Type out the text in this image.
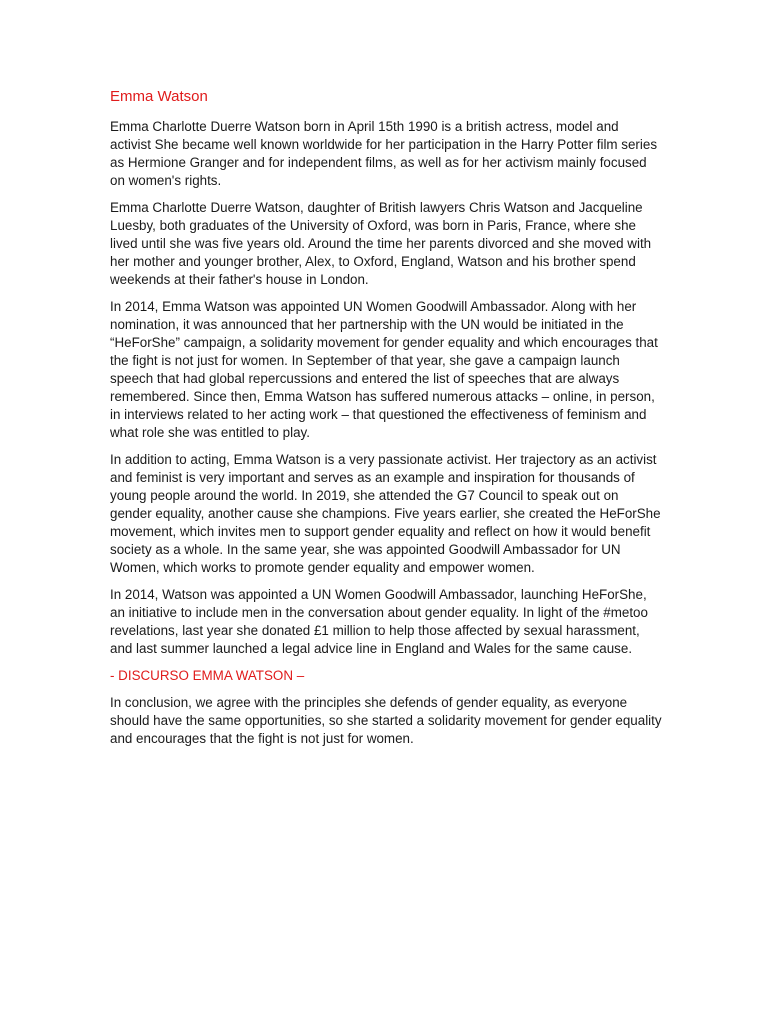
Emma Watson

Emma Charlotte Duerre Watson born in April 15th 1990 is a british actress, model and activist She became well known worldwide for her participation in the Harry Potter film series as Hermione Granger and for independent films, as well as for her activism mainly focused on women's rights.

Emma Charlotte Duerre Watson, daughter of British lawyers Chris Watson and Jacqueline Luesby, both graduates of the University of Oxford, was born in Paris, France, where she lived until she was five years old. Around the time her parents divorced and she moved with her mother and younger brother, Alex, to Oxford, England, Watson and his brother spend weekends at their father's house in London.

In 2014, Emma Watson was appointed UN Women Goodwill Ambassador. Along with her nomination, it was announced that her partnership with the UN would be initiated in the “HeForShe” campaign, a solidarity movement for gender equality and which encourages that the fight is not just for women. In September of that year, she gave a campaign launch speech that had global repercussions and entered the list of speeches that are always remembered. Since then, Emma Watson has suffered numerous attacks – online, in person, in interviews related to her acting work – that questioned the effectiveness of feminism and what role she was entitled to play.

In addition to acting, Emma Watson is a very passionate activist. Her trajectory as an activist and feminist is very important and serves as an example and inspiration for thousands of young people around the world. In 2019, she attended the G7 Council to speak out on gender equality, another cause she champions. Five years earlier, she created the HeForShe movement, which invites men to support gender equality and reflect on how it would benefit society as a whole. In the same year, she was appointed Goodwill Ambassador for UN Women, which works to promote gender equality and empower women.

In 2014, Watson was appointed a UN Women Goodwill Ambassador, launching HeForShe, an initiative to include men in the conversation about gender equality. In light of the #metoo revelations, last year she donated £1 million to help those affected by sexual harassment, and last summer launched a legal advice line in England and Wales for the same cause.

- DISCURSO EMMA WATSON –

In conclusion, we agree with the principles she defends of gender equality, as everyone should have the same opportunities, so she started a solidarity movement for gender equality and encourages that the fight is not just for women.
